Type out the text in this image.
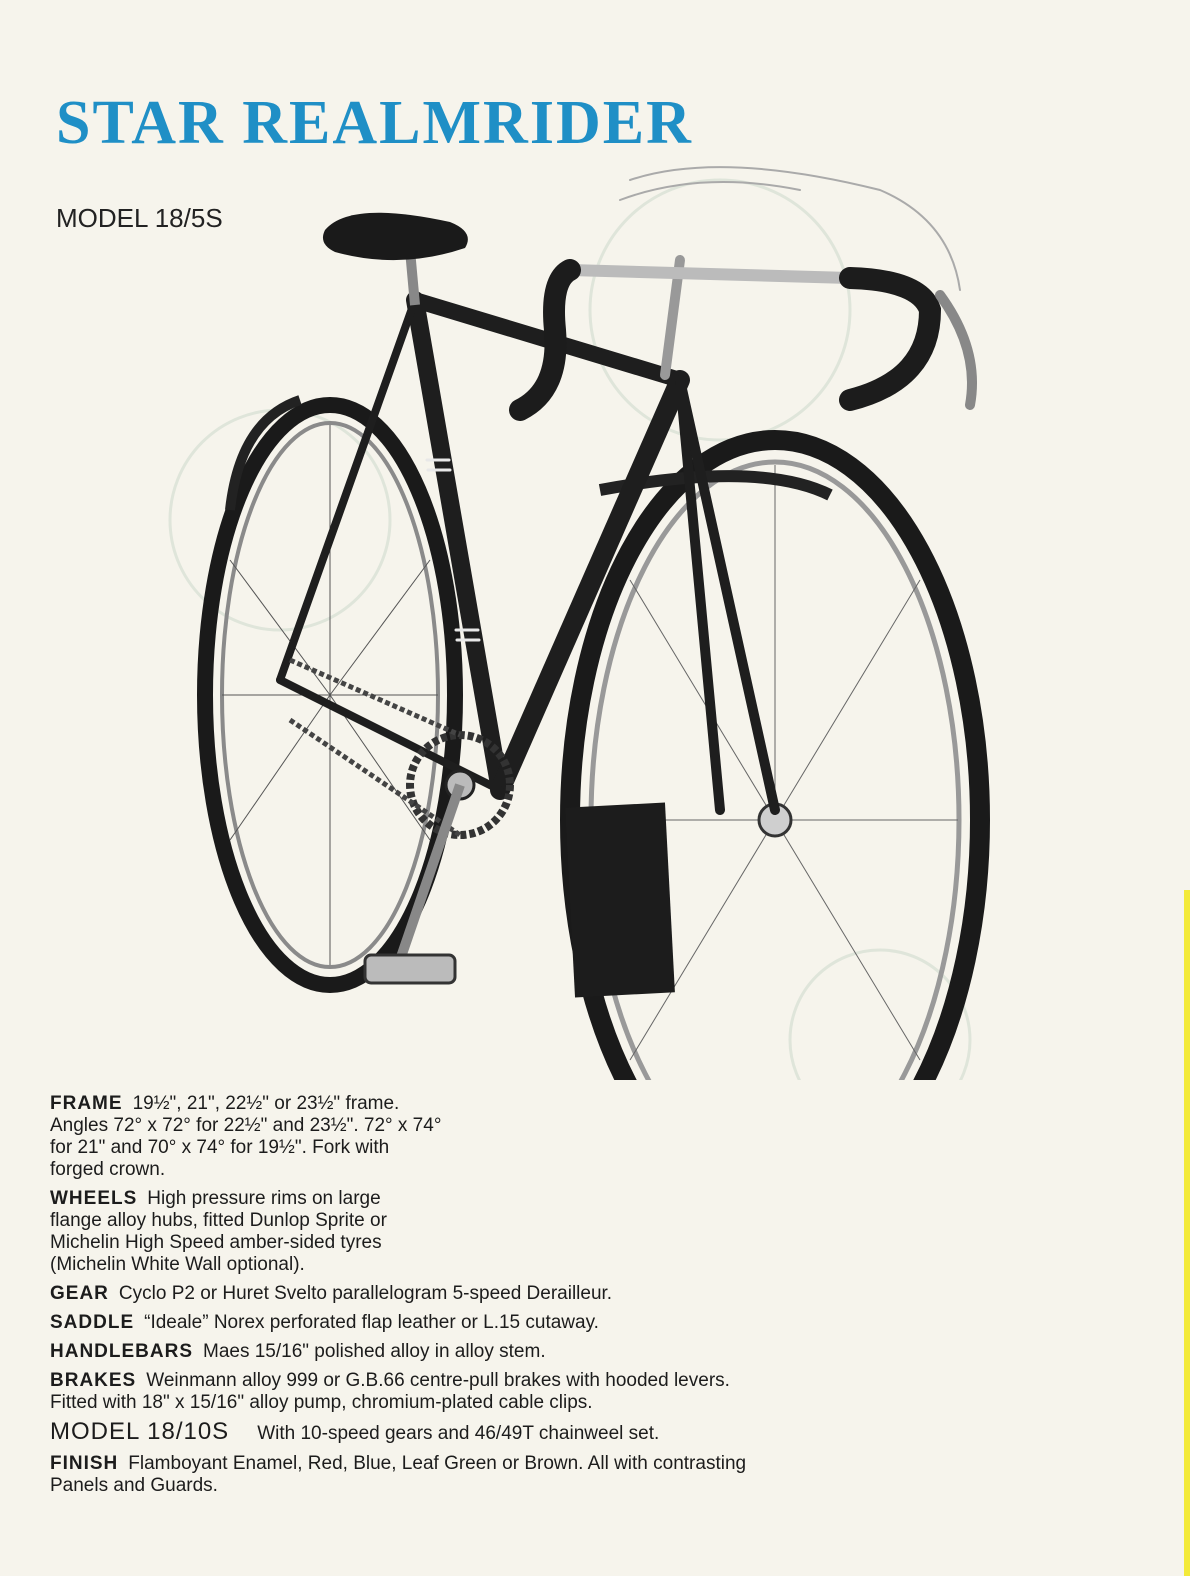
STAR REALMRIDER
MODEL 18/5S
FRAME 19½", 21", 22½" or 23½" frame.
Angles 72° x 72° for 22½" and 23½". 72° x 74°
for 21" and 70° x 74° for 19½". Fork with
forged crown.
WHEELS High pressure rims on large
flange alloy hubs, fitted Dunlop Sprite or
Michelin High Speed amber-sided tyres
(Michelin White Wall optional).
GEAR Cyclo P2 or Huret Svelto parallelogram 5-speed Derailleur.
SADDLE “Ideale” Norex perforated flap leather or L.15 cutaway.
HANDLEBARS Maes 15/16" polished alloy in alloy stem.
BRAKES Weinmann alloy 999 or G.B.66 centre-pull brakes with hooded levers.
Fitted with 18" x 15/16" alloy pump, chromium-plated cable clips.
MODEL 18/10S With 10-speed gears and 46/49T chainweel set.
FINISH Flamboyant Enamel, Red, Blue, Leaf Green or Brown. All with contrasting
Panels and Guards.
